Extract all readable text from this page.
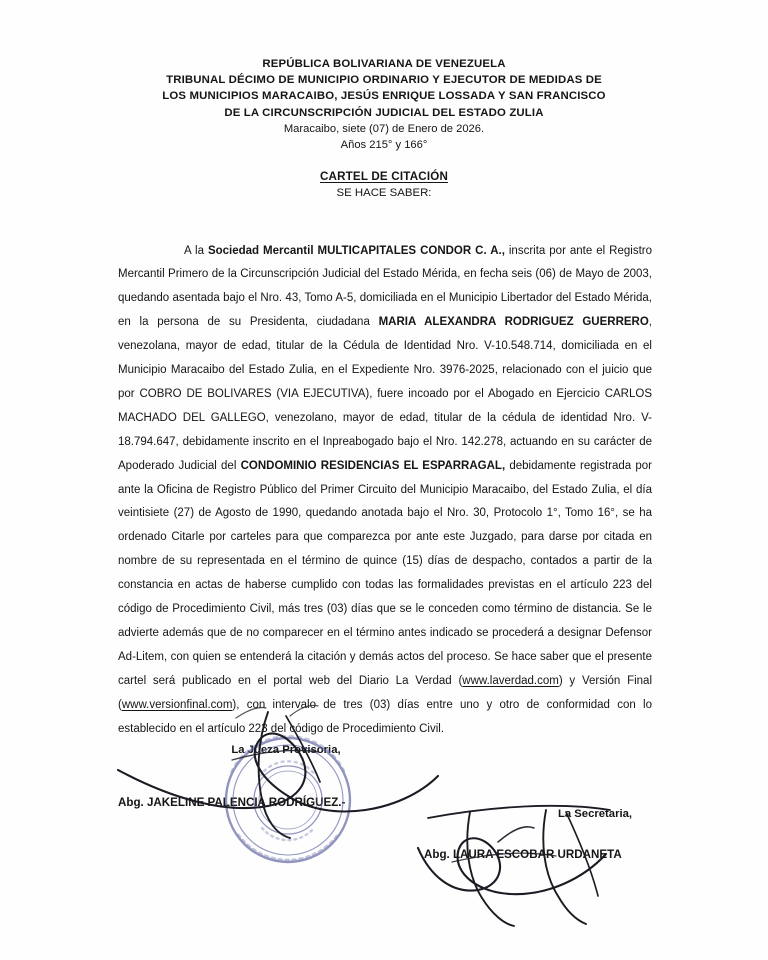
REPÚBLICA BOLIVARIANA DE VENEZUELA
TRIBUNAL DÉCIMO DE MUNICIPIO ORDINARIO Y EJECUTOR DE MEDIDAS DE
LOS MUNICIPIOS MARACAIBO, JESÚS ENRIQUE LOSSADA Y SAN FRANCISCO
DE LA CIRCUNSCRIPCIÓN JUDICIAL DEL ESTADO ZULIA
Maracaibo, siete (07) de Enero de 2026.
Años 215° y 166°
CARTEL DE CITACIÓN
SE HACE SABER:

A la Sociedad Mercantil MULTICAPITALES CONDOR C. A., inscrita por ante el Registro Mercantil Primero de la Circunscripción Judicial del Estado Mérida, en fecha seis (06) de Mayo de 2003, quedando asentada bajo el Nro. 43, Tomo A-5, domiciliada en el Municipio Libertador del Estado Mérida, en la persona de su Presidenta, ciudadana MARIA ALEXANDRA RODRIGUEZ GUERRERO, venezolana, mayor de edad, titular de la Cédula de Identidad Nro. V-10.548.714, domiciliada en el Municipio Maracaibo del Estado Zulia, en el Expediente Nro. 3976-2025, relacionado con el juicio que por COBRO DE BOLIVARES (VIA EJECUTIVA), fuere incoado por el Abogado en Ejercicio CARLOS MACHADO DEL GALLEGO, venezolano, mayor de edad, titular de la cédula de identidad Nro. V-18.794.647, debidamente inscrito en el Inpreabogado bajo el Nro. 142.278, actuando en su carácter de Apoderado Judicial del CONDOMINIO RESIDENCIAS EL ESPARRAGAL, debidamente registrada por ante la Oficina de Registro Público del Primer Circuito del Municipio Maracaibo, del Estado Zulia, el día veintisiete (27) de Agosto de 1990, quedando anotada bajo el Nro. 30, Protocolo 1°, Tomo 16°, se ha ordenado Citarle por carteles para que comparezca por ante este Juzgado, para darse por citada en nombre de su representada en el término de quince (15) días de despacho, contados a partir de la constancia en actas de haberse cumplido con todas las formalidades previstas en el artículo 223 del código de Procedimiento Civil, más tres (03) días que se le conceden como término de distancia. Se le advierte además que de no comparecer en el término antes indicado se procederá a designar Defensor Ad-Litem, con quien se entenderá la citación y demás actos del proceso. Se hace saber que el presente cartel será publicado en el portal web del Diario La Verdad (www.laverdad.com) y Versión Final (www.versionfinal.com), con intervalo de tres (03) días entre uno y otro de conformidad con lo establecido en el artículo 223 del código de Procedimiento Civil.

La Jueza Provisoria,
Abg. JAKELINE PALENCIA RODRÍGUEZ.-
La Secretaria,
Abg. LAURA ESCOBAR URDANETA
